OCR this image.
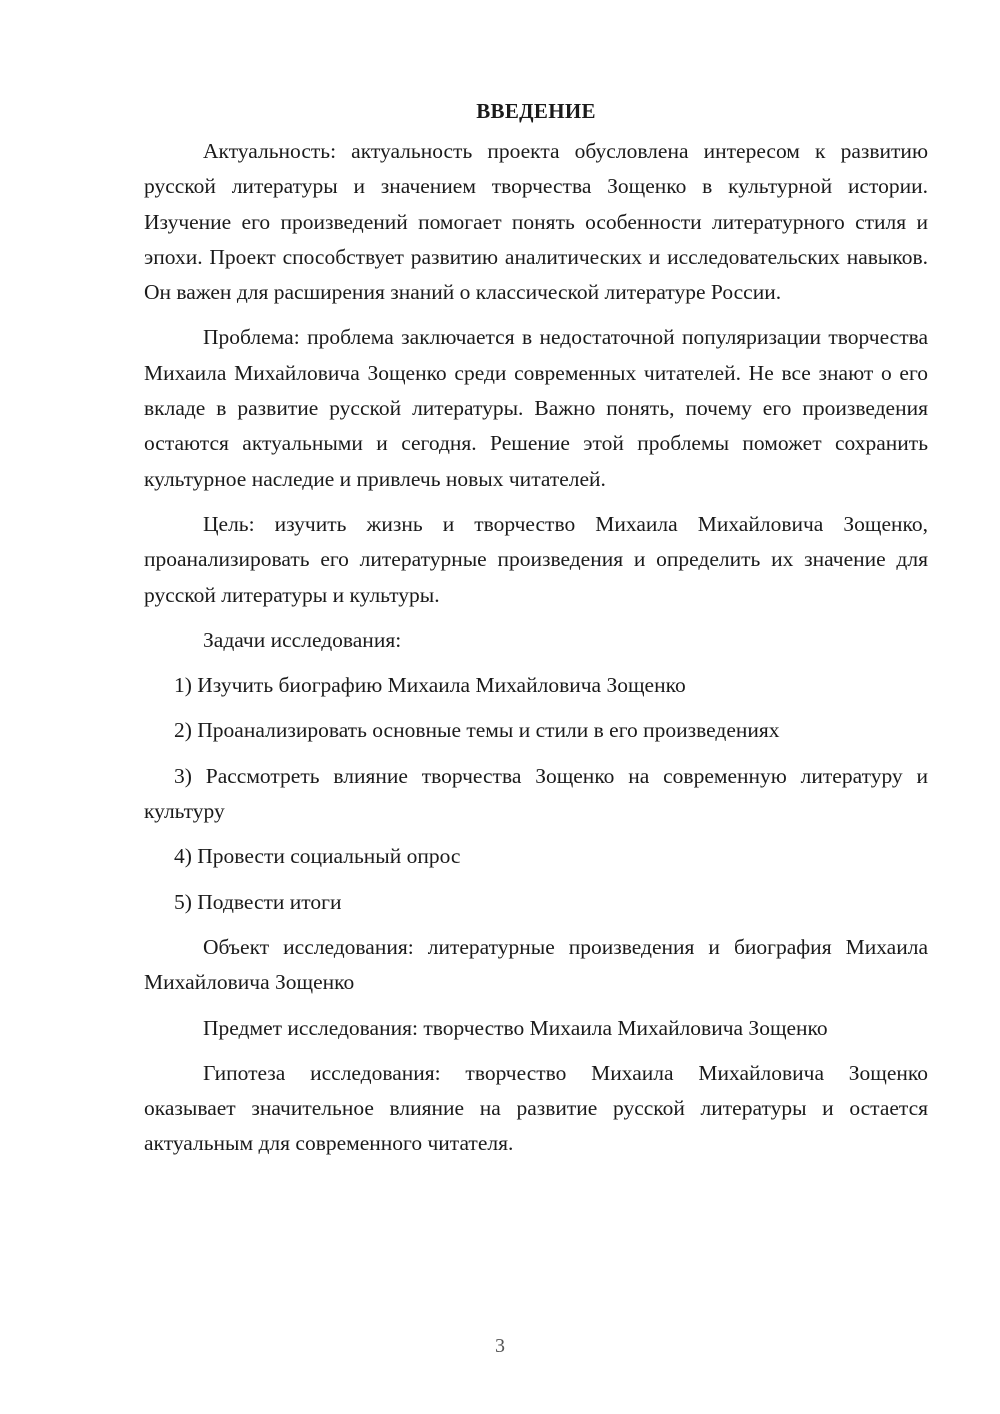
ВВЕДЕНИЕ

Актуальность: актуальность проекта обусловлена интересом к развитию русской литературы и значением творчества Зощенко в культурной истории. Изучение его произведений помогает понять особенности литературного стиля и эпохи. Проект способствует развитию аналитических и исследовательских навыков. Он важен для расширения знаний о классической литературе России.

Проблема: проблема заключается в недостаточной популяризации творчества Михаила Михайловича Зощенко среди современных читателей. Не все знают о его вкладе в развитие русской литературы. Важно понять, почему его произведения остаются актуальными и сегодня. Решение этой проблемы поможет сохранить культурное наследие и привлечь новых читателей.

Цель: изучить жизнь и творчество Михаила Михайловича Зощенко, проанализировать его литературные произведения и определить их значение для русской литературы и культуры.

Задачи исследования:

1) Изучить биографию Михаила Михайловича Зощенко

2) Проанализировать основные темы и стили в его произведениях

3) Рассмотреть влияние творчества Зощенко на современную литературу и культуру

4) Провести социальный опрос

5) Подвести итоги

Объект исследования: литературные произведения и биография Михаила Михайловича Зощенко

Предмет исследования: творчество Михаила Михайловича Зощенко

Гипотеза исследования: творчество Михаила Михайловича Зощенко оказывает значительное влияние на развитие русской литературы и остается актуальным для современного читателя.

3
